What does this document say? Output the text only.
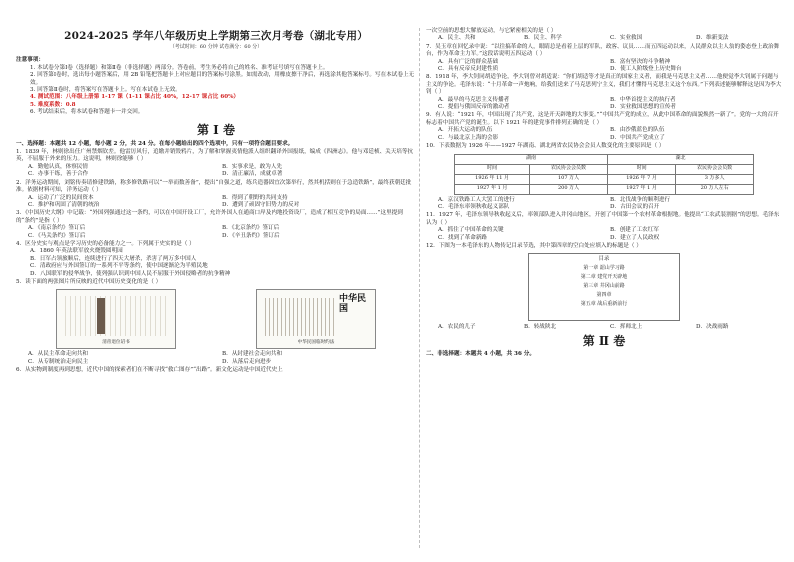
2024-2025 学年八年级历史上学期第三次月考卷（湖北专用）
（考试时间：60 分钟 试卷满分：60 分）
注意事项：
1. 本试卷分第Ⅰ卷（选择题）和第Ⅱ卷（非选择题）两部分。答卷前，考生务必将自己的姓名、准考证号填写在答题卡上。
2. 回答第Ⅰ卷时，选出每小题答案后，用 2B 铅笔把答题卡上对应题目的答案标号涂黑。如需改动，用橡皮擦干净后，再选涂其他答案标号。写在本试卷上无效。
3. 回答第Ⅱ卷时，将答案写在答题卡上。写在本试卷上无效。
4. 测试范围：八年级上册第 1-17 课（1-11 课占比 40%，12-17 课占比 60%）
5. 难度系数：0.8
6. 考试结束后，将本试卷和答题卡一并交回。
第 Ⅰ 卷
一、选择题：本题共 12 小题，每小题 2 分，共 24 分。在每小题给出的四个选项中，只有一项符合题目要求。
1．1839 年，林则徐出任广州禁烟钦差。他雷厉风行，追缴并销毁鸦片，为了解和掌握夷情他派人组织翻译外国报纸，编成《四洲志》。他与邓廷桢、关天培等抗英，不屈服于外来的压力。这说明，林则徐能够（ ）
A．勤勉认真，体察民情	B．实事求是，敢为人先
C．办事干练，善于合作	D．清正廉洁，成就卓著
2．洋务运动期间，刘铭传奏请修建铁路，称多修铁路可以“一举而数善备”，提出“自强之道，练兵造器固宜次第举行，然其机括则在于急造铁路”，最终获朝廷批准。依据材料可知，洋务运动（ ）
A．运动了广泛的民间资本	B．得到了朝野的共同支持
C．推护和巩固了清朝的统治	D．遭到了顽固守旧势力的反对
3．《中国历史大纲》中记载：“外国列强通过这一条约，可以在中国开设工厂，允许外国人在通商口岸及内地投资设厂，造成了相互竞争的局面……”这里提到的“条约”是指（ ）
A．《南京条约》签订后	B．《北京条约》签订后
C．《马关条约》签订后	D．《辛丑条约》签订后
4．区分史实与观点是学习历史的必备能力之一。下列属于史实的是（ ）
A．1860 年英法联军放火烧毁圆明园
B．日军占领旅顺后，连续进行了四天大屠杀，杀害了两万多中国人
C．清政府应与外国签订的一系列不平等条约，使中国逐渐沦为半殖民地
D．八国联军的侵华战争，使列强认识到中国人民不屈服于外国侵略者的抗争精神
5．读下面的两张图片所反映的近代中国历史变化的是（ ）
清帝退位诏书
中华民国
中华民国临时约法
A．从民主革命走向共和	B．从封建社会走向共和
C．从专制统治走向民主	D．从落后走向进步
6．从实物到制度再到思想，近代中国的探索者们在不断寻找“救亡图存”“出路”。新文化运动是中国近代史上
一次空前的思想大解放运动，与它紧密相关的是（ ）
A．民主、共和	B．民主、科学	C．实业救国	D．维新变法
7．吴玉章在回忆录中说：“以往搞革命的人，眼睛总是看着上层的军队，政客、议员……而五四运动以来，人民群众以主人翁的姿态登上政治舞台，作为革命主力军。”这段话说明五四运动（ ）
A．具有广泛的群众基础	B．富有坚决的斗争精神
C．具有反帝反封建性质	D．使工人阶级登上历史舞台
8．1918 年，李大钊同胡适争论，李大钊曾对胡适说：“你们胡适等才是真正的国家主义者，而我是马克思主义者……他便觉李大钊属于问题与主义的争论。毛泽东说：“十月革命一声炮响，给我们送来了马克思列宁主义，我们才懂得马克思主义这个东西。”下列表述能够解释这是因为李大钊（ ）
A．最早的马克思主义传播者	B．中华首提主义的执行者
C．提倡与俄国反帝的激动者	D．实业救国思想的宣传者
9．有人说：“1921 年，中国出现了共产党，这是开天辟地的大事变。”“中国共产党的成立，从此中国革命的面貌焕然一新了”。党的一大的召开标志着中国共产党的诞生。以下 1921 年的建党事件排列正确的是（ ）
A．开拓大运动的队伍	B．由沙俄蓝色的队伍
C．与最北京上海的会影	D．中国共产党成立了
10．下表数据为 1926 年——1927 年湖南、湖北两省农民协会会员人数变化的主要原因是（ ）
湖南		湖北	
时间	农民协会会员数	时间	农民协会会员数
1926 年 11 月	107 万人	1926 年 7 月	3 万多人
1927 年 1 月	200 万人	1927 年 1 月	20 万人左右
A．京汉铁路工人大罢工的进行	B．北伐战争的顺利进行
C．毛泽东率领秋收起义部队	D．古田会议的召开
11．1927 年，毛泽东领导秋收起义后，率领部队进入井冈山地区，开创了中国第一个农村革命根据地。他提出“工农武装割据”的思想。毛泽东认为（ ）
A．抓住了中国革命的关键	B．创建了工农红军
C．找到了革命新路	D．建立了人民政权
12．下图为一本毛泽东的人物传记目录节选，其中第四章的空白处应填入的标题是（ ）
目录
第一章 韶山学习路
第二章 建党开天辟地
第三章 井冈山前路
第四章
第五章 战后重新前行
A．农民的儿子	B．转战陕北	C．挥师北上	D．决战雨路
第 Ⅱ 卷
二、非选择题：本题共 4 小题，共 36 分。
